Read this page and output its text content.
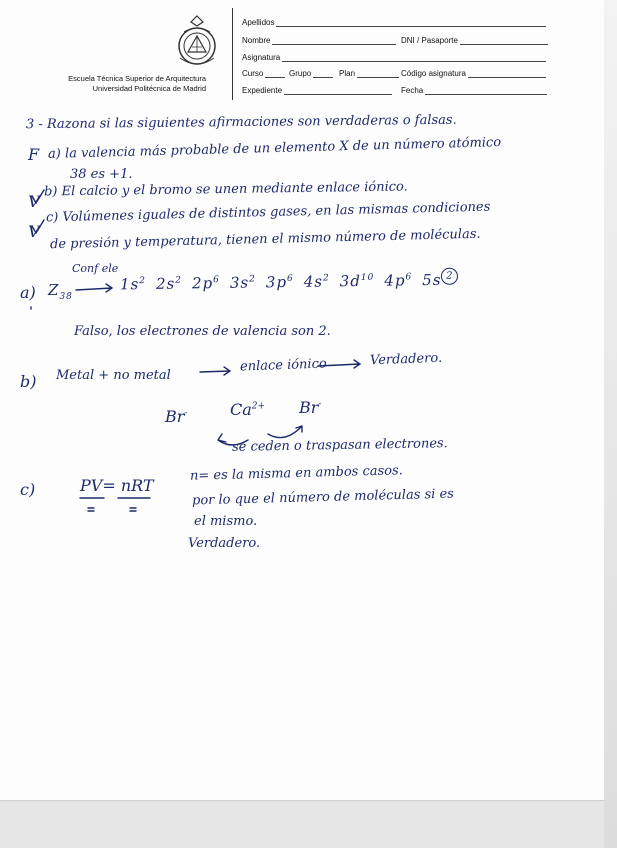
Escuela Técnica Superior de Arquitectura
Universidad Politécnica de Madrid
Apellidos
Nombre	DNI / Pasaporte
Asignatura
Curso	Grupo	Plan	Código asignatura
Expediente	Fecha
3 - Razona si las siguientes afirmaciones son verdaderas o falsas.
F a) la valencia más probable de un elemento X de un número atómico
38 es +1.
V
b) El calcio y el bromo se unen mediante enlace iónico.
V
c) Volúmenes iguales de distintos gases, en las mismas condiciones
de presión y temperatura, tienen el mismo número de moléculas.
a)
Conf ele
$Z_{38}$
$1s^2$ $2s^2$ $2p^6$ $3s^2$ $3p^6$ $4s^2$ $3d^{10}$ $4p^6$ 5s 2
Falso, los electrones de valencia son 2.
b) Metal + no metal
enlace iónico	Verdadero.
Br-	$Ca^{2+}$ Br-
se ceden o traspasan electrones.
c)	PV= nRT
n= es la misma en ambos casos.
por lo que el número de moléculas si es
el mismo.
Verdadero.
